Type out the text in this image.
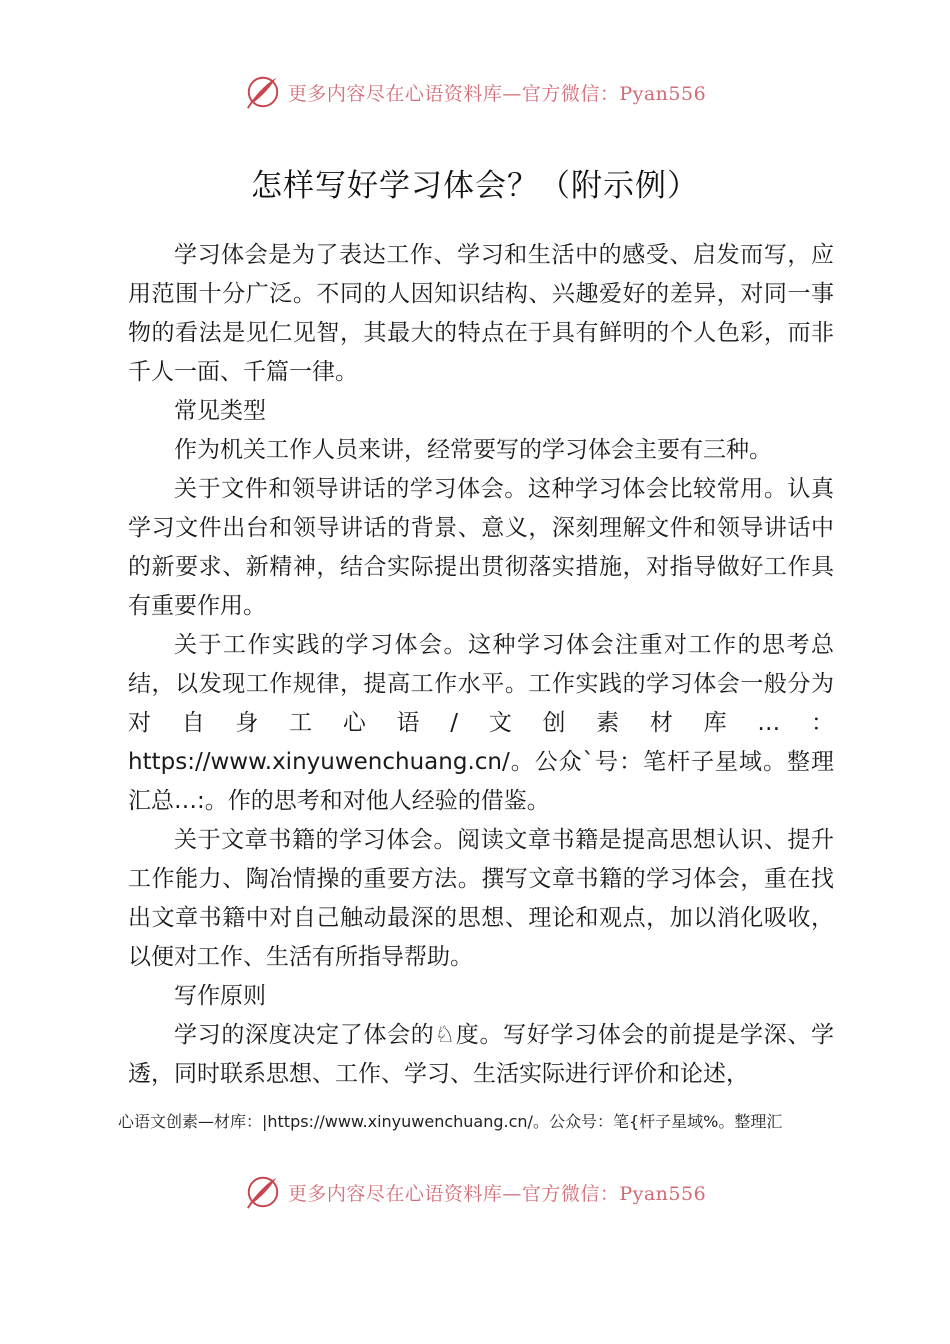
更多内容尽在心语资料库—官方微信：Pyan556
怎样写好学习体会？（附示例）

学习体会是为了表达工作、学习和生活中的感受、启发而写，应用范围十分广泛。不同的人因知识结构、兴趣爱好的差异，对同一事物的看法是见仁见智，其最大的特点在于具有鲜明的个人色彩，而非千人一面、千篇一律。

常见类型

作为机关工作人员来讲，经常要写的学习体会主要有三种。

关于文件和领导讲话的学习体会。这种学习体会比较常用。认真学习文件出台和领导讲话的背景、意义，深刻理解文件和领导讲话中的新要求、新精神，结合实际提出贯彻落实措施，对指导做好工作具有重要作用。

关于工作实践的学习体会。这种学习体会注重对工作的思考总结，以发现工作规律，提高工作水平。工作实践的学习体会一般分为对自身工心语/文创素材库…：https://www.xinyuwenchuang.cn/。公众`号：笔杆子星域。整理汇总…:。作的思考和对他人经验的借鉴。

关于文章书籍的学习体会。阅读文章书籍是提高思想认识、提升工作能力、陶冶情操的重要方法。撰写文章书籍的学习体会，重在找出文章书籍中对自己触动最深的思想、理论和观点，加以消化吸收，以便对工作、生活有所指导帮助。

写作原则

学习的深度决定了体会的♘度。写好学习体会的前提是学深、学透，同时联系思想、工作、学习、生活实际进行评价和论述，

心语文创素—材库：|https://www.xinyuwenchuang.cn/。公众号：笔{杆子星域%。整理汇
更多内容尽在心语资料库—官方微信：Pyan556
